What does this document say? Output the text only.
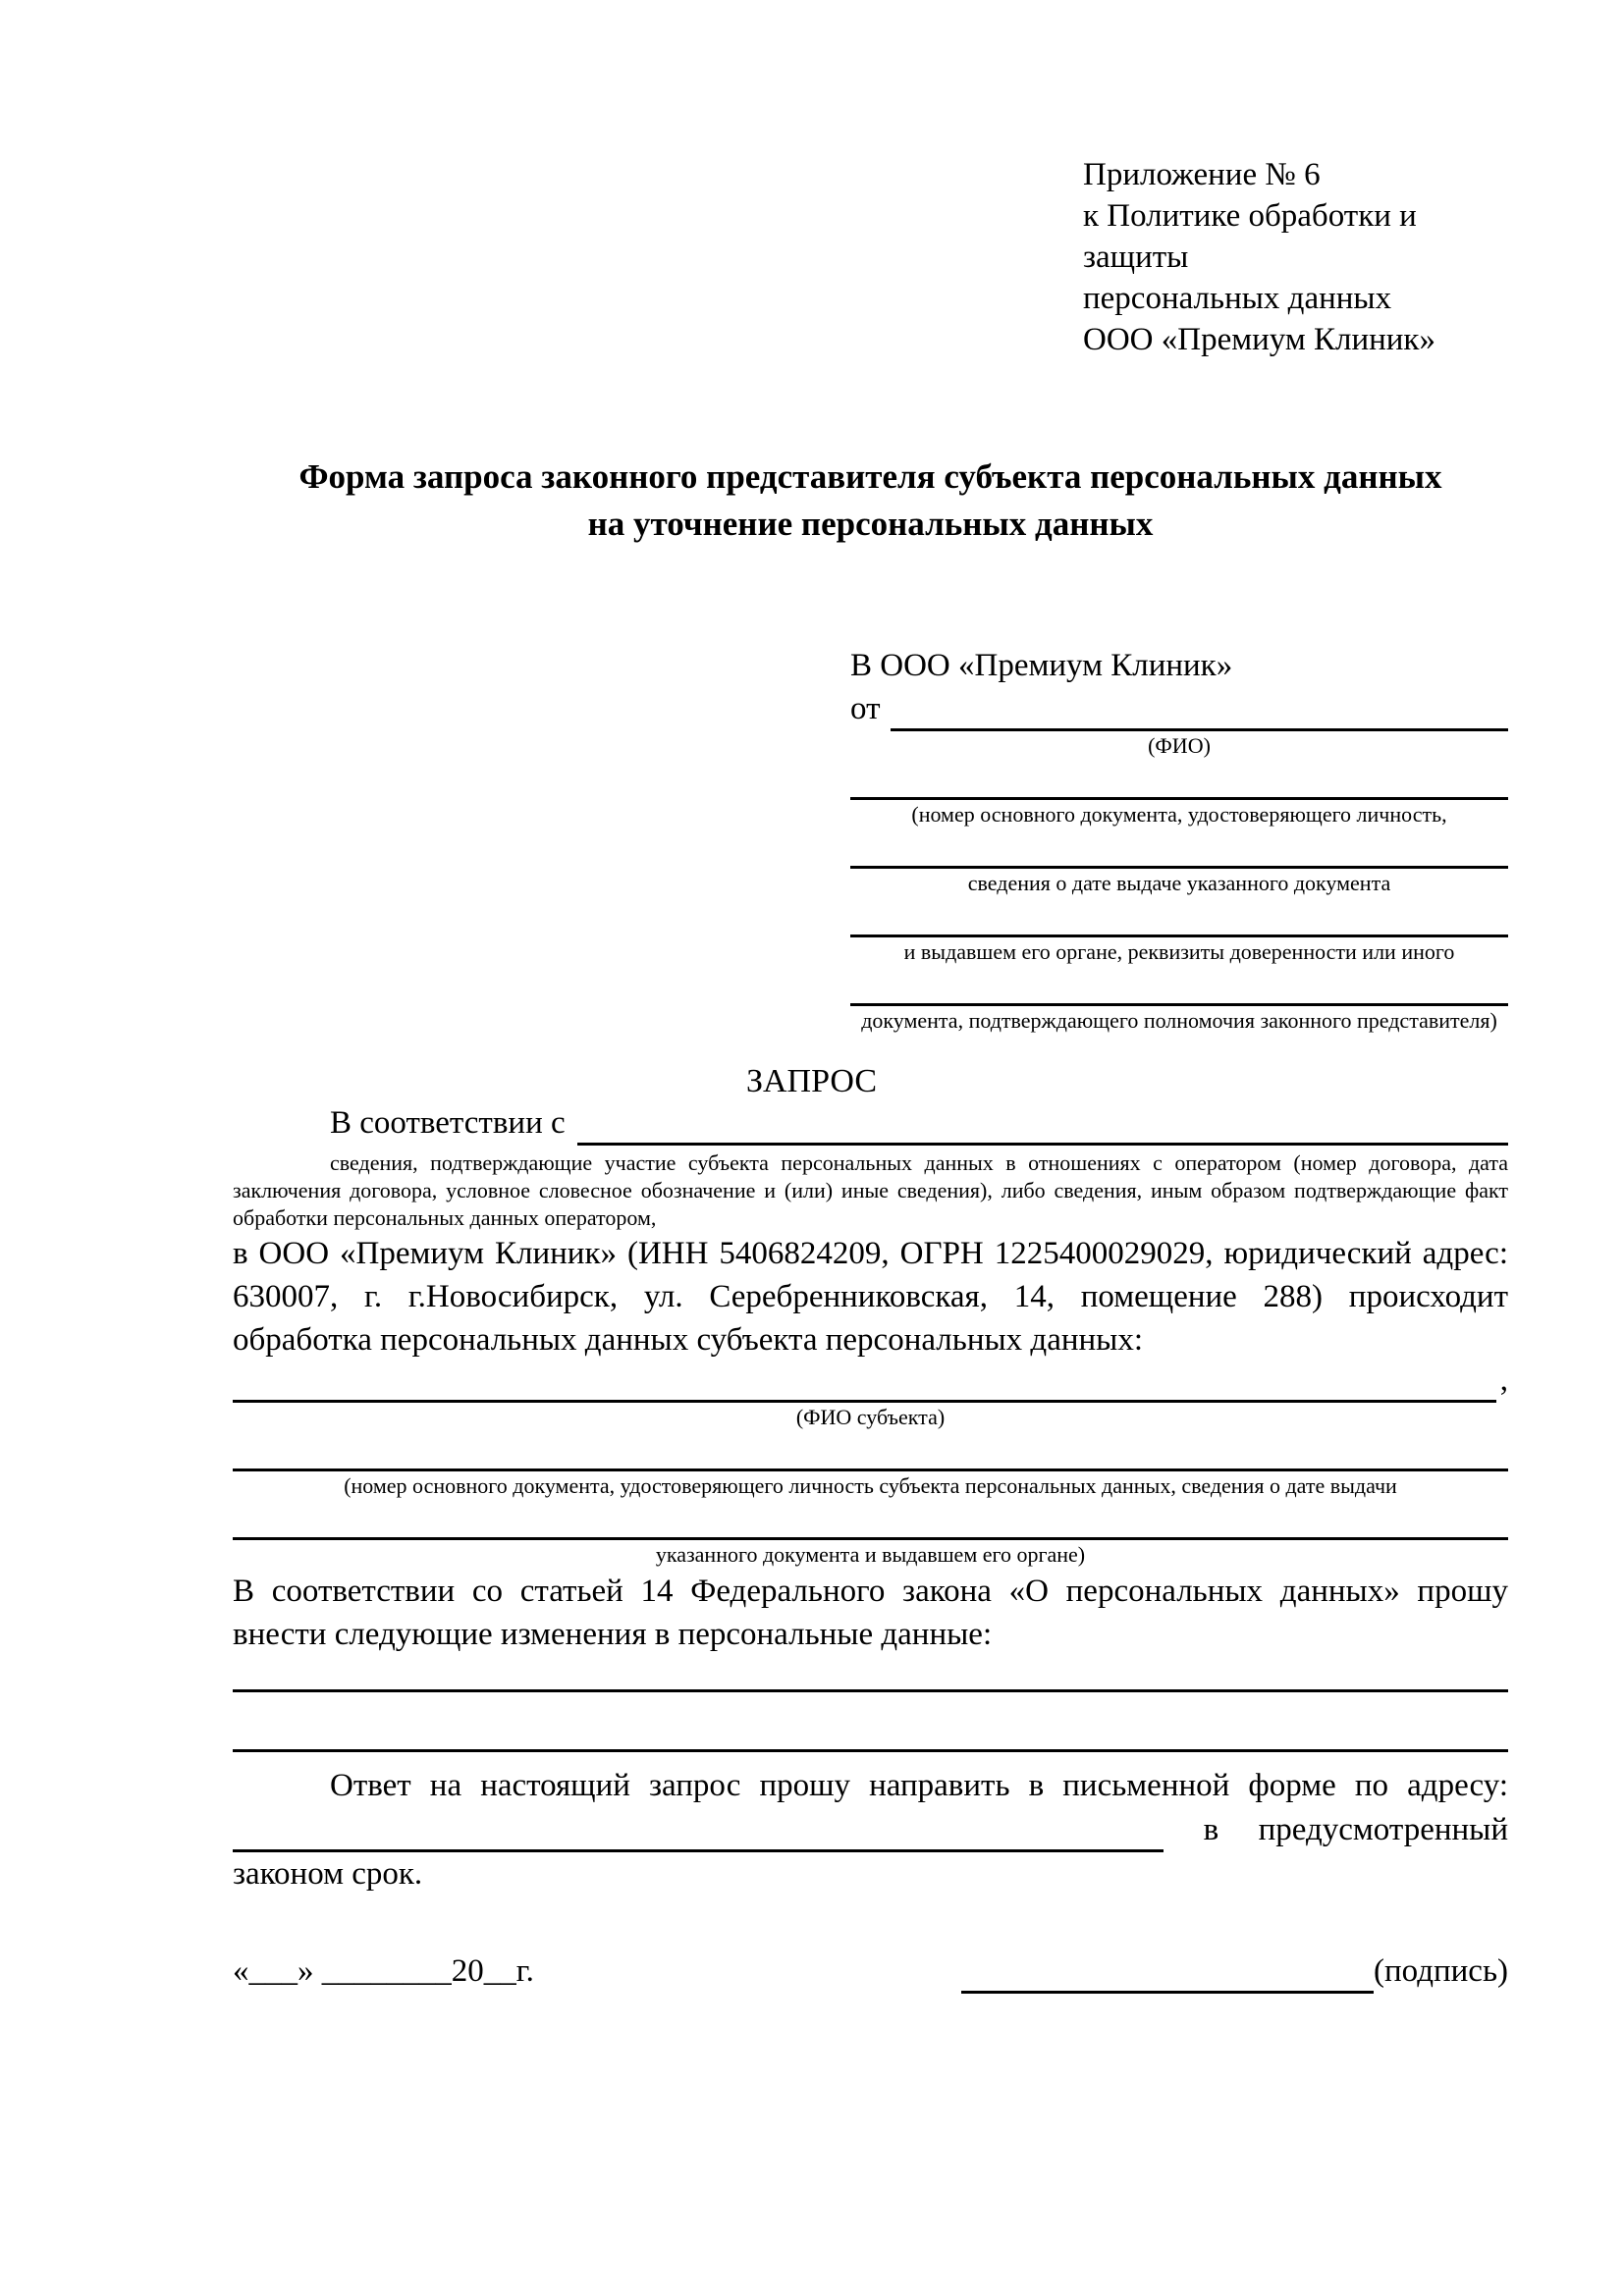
Приложение № 6
к Политике обработки и защиты
персональных данных
ООО «Премиум Клиник»
Форма запроса законного представителя субъекта персональных данных
на уточнение персональных данных
В ООО «Премиум Клиник»
от
(ФИО)
(номер основного документа, удостоверяющего личность,
сведения о дате выдаче указанного документа
и выдавшем его органе, реквизиты доверенности или иного
документа, подтверждающего полномочия законного представителя)
ЗАПРОС
В соответствии с
сведения, подтверждающие участие субъекта персональных данных в отношениях с оператором (номер договора, дата заключения договора, условное словесное обозначение и (или) иные сведения), либо сведения, иным образом подтверждающие факт обработки персональных данных оператором,

в ООО «Премиум Клиник» (ИНН 5406824209, ОГРН 1225400029029, юридический адрес: 630007, г. г.Новосибирск, ул. Серебренниковская, 14, помещение 288) происходит обработка персональных данных субъекта персональных данных:

,
(ФИО субъекта)
(номер основного документа, удостоверяющего личность субъекта персональных данных, сведения о дате выдачи
указанного документа и выдавшем его органе)

В соответствии со статьей 14 Федерального закона «О персональных данных» прошу внести следующие изменения в персональные данные:

Ответ на настоящий запрос прошу направить в письменной форме по адресу:
в предусмотренный
законом срок.
«___» ________20__г.	(подпись)
